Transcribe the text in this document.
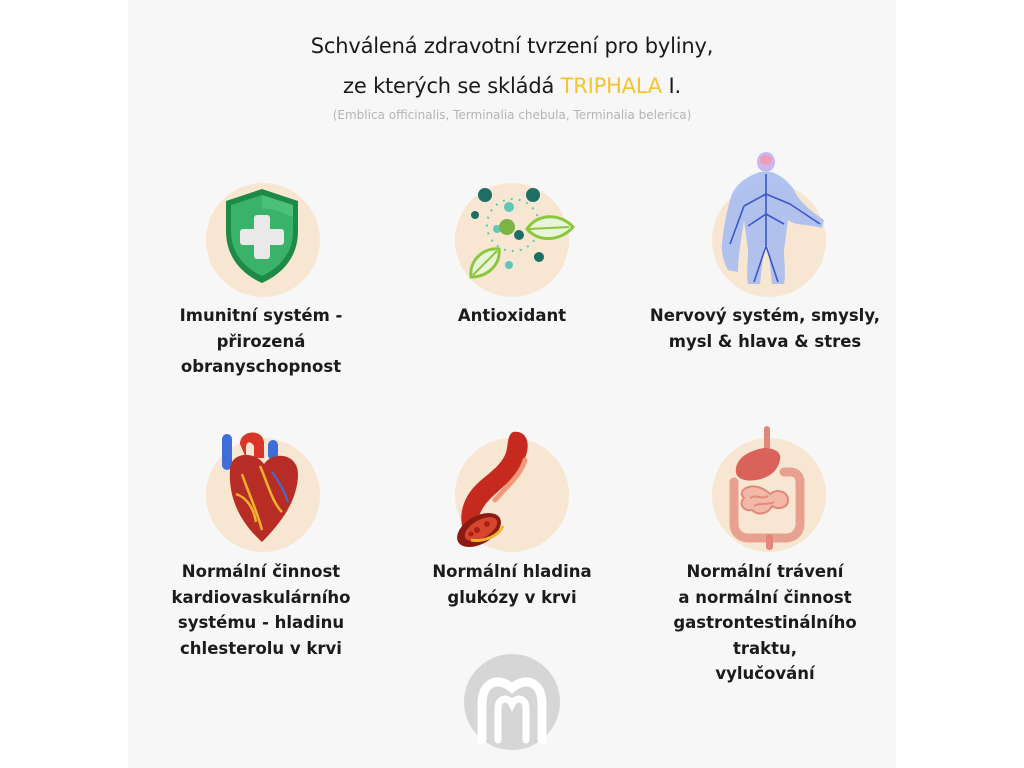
Schválená zdravotní tvrzení pro byliny,
ze kterých se skládá TRIPHALA I.
(Emblica officinalis, Terminalia chebula, Terminalia belerica)
Imunitní systém -
přirozená
obranyschopnost
Antioxidant	Nervový systém, smysly,
mysl & hlava & stres
Normální činnost
kardiovaskulárního
systému - hladinu
chlesterolu v krvi
Normální hladina
glukózy v krvi
Normální trávení
a normální činnost
gastrontestinálního traktu,
vylučování
